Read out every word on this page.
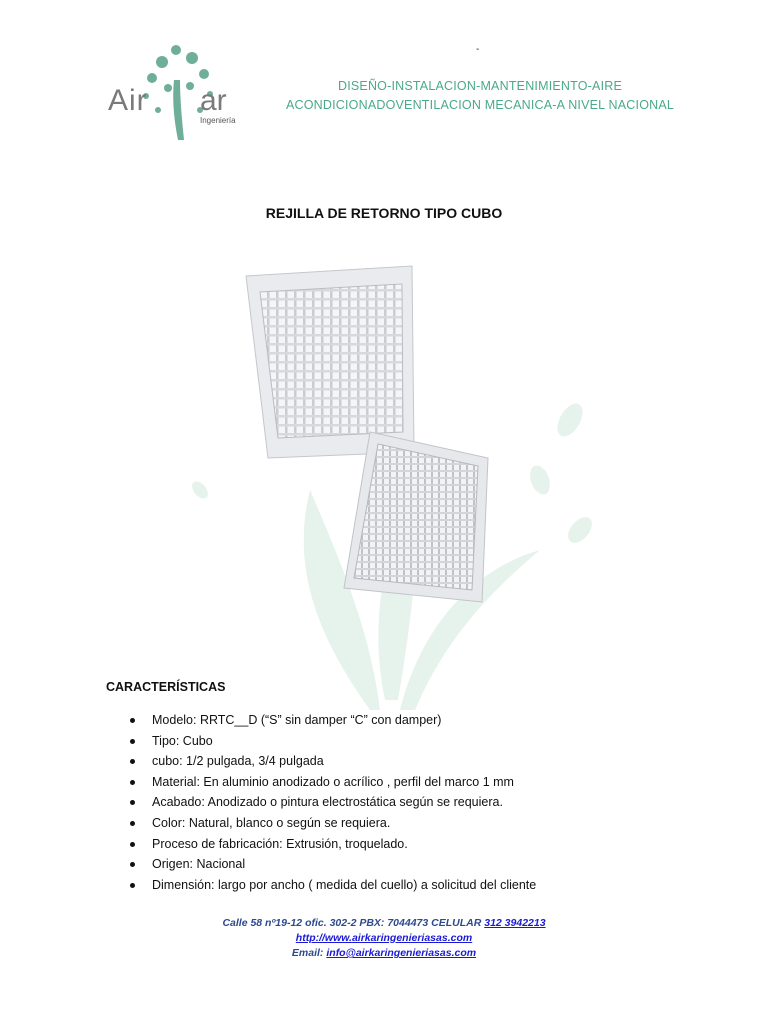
Air ar
Ingeniería
-
DISEÑO-INSTALACION-MANTENIMIENTO-AIRE
ACONDICIONADOVENTILACION MECANICA-A NIVEL NACIONAL
REJILLA DE RETORNO TIPO CUBO
CARACTERÍSTICAS
Modelo: RRTC__D (“S” sin damper “C” con damper)
Tipo: Cubo
cubo: 1/2 pulgada, 3/4 pulgada
Material: En aluminio anodizado o acrílico , perfil del marco 1 mm
Acabado: Anodizado o pintura electrostática según se requiera.
Color: Natural, blanco o según se requiera.
Proceso de fabricación: Extrusión, troquelado.
Origen: Nacional
Dimensión: largo por ancho ( medida del cuello) a solicitud del cliente
Calle 58 nº19-12 ofic. 302-2 PBX: 7044473 CELULAR 312 3942213
http://www.airkaringenieriasas.com
Email: info@airkaringenieriasas.com
